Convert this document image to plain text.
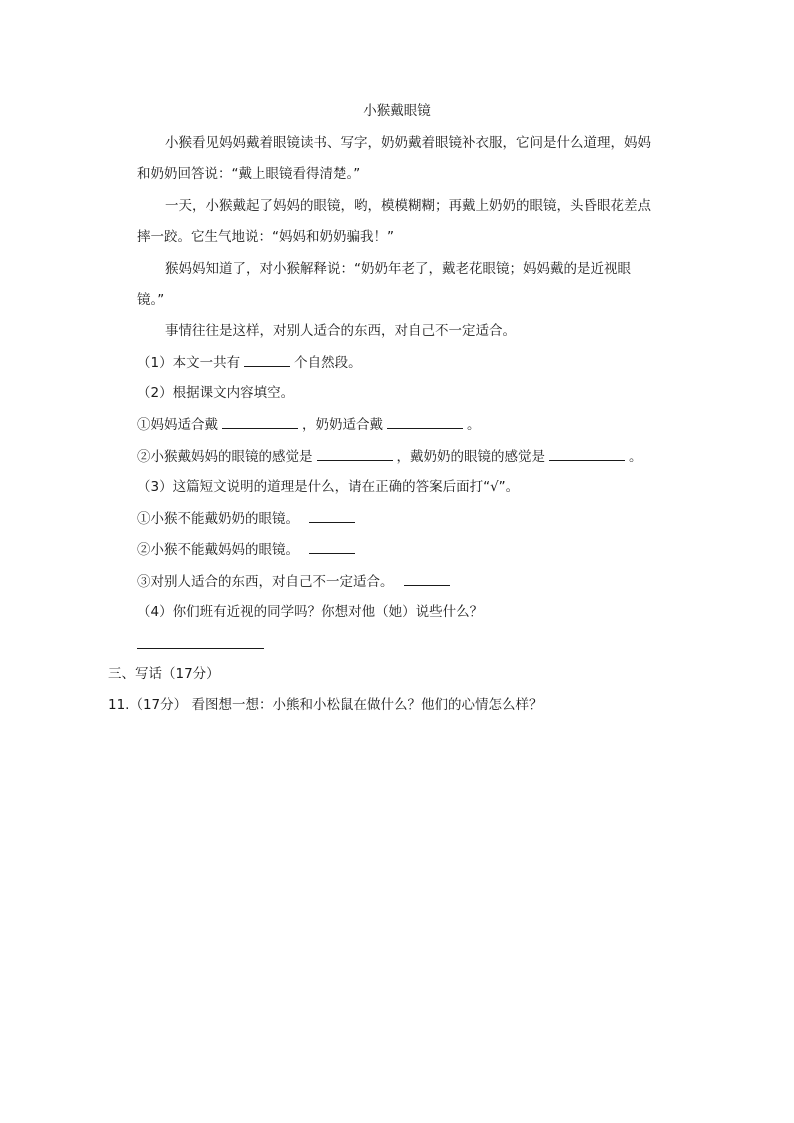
小猴戴眼镜
小猴看见妈妈戴着眼镜读书、写字，奶奶戴着眼镜补衣服，它问是什么道理，妈妈
和奶奶回答说：“戴上眼镜看得清楚。”
一天，小猴戴起了妈妈的眼镜，哟，模模糊糊；再戴上奶奶的眼镜，头昏眼花差点
摔一跤。它生气地说：“妈妈和奶奶骗我！”
猴妈妈知道了，对小猴解释说：“奶奶年老了，戴老花眼镜；妈妈戴的是近视眼
镜。”
事情往往是这样，对别人适合的东西，对自己不一定适合。
（1）本文一共有	个自然段。
（2）根据课文内容填空。
①妈妈适合戴	，奶奶适合戴	。
②小猴戴妈妈的眼镜的感觉是	，戴奶奶的眼镜的感觉是	。
（3）这篇短文说明的道理是什么，请在正确的答案后面打“√”。
①小猴不能戴奶奶的眼镜。
②小猴不能戴妈妈的眼镜。
③对别人适合的东西，对自己不一定适合。
（4）你们班有近视的同学吗？你想对他（她）说些什么？
三、写话（17分）
11.（17分） 看图想一想：小熊和小松鼠在做什么？他们的心情怎么样？
